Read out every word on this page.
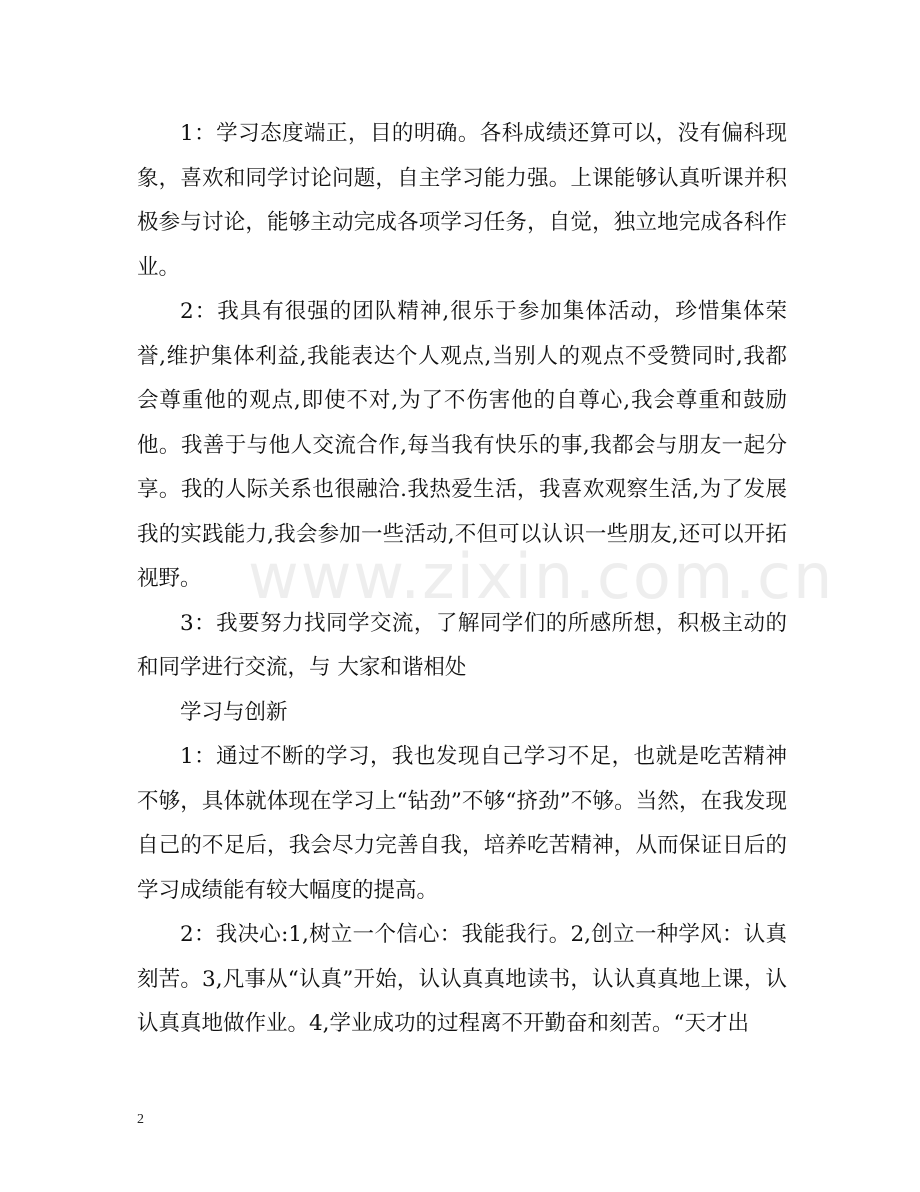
www.zixin.com.cn

1：学习态度端正，目的明确。各科成绩还算可以，没有偏科现象，喜欢和同学讨论问题，自主学习能力强。上课能够认真听课并积极参与讨论，能够主动完成各项学习任务，自觉，独立地完成各科作业。

2：我具有很强的团队精神,很乐于参加集体活动，珍惜集体荣誉,维护集体利益,我能表达个人观点,当别人的观点不受赞同时,我都会尊重他的观点,即使不对,为了不伤害他的自尊心,我会尊重和鼓励他。我善于与他人交流合作,每当我有快乐的事,我都会与朋友一起分享。我的人际关系也很融洽.我热爱生活，我喜欢观察生活,为了发展我的实践能力,我会参加一些活动,不但可以认识一些朋友,还可以开拓视野。

3：我要努力找同学交流，了解同学们的所感所想，积极主动的和同学进行交流，与 大家和谐相处

学习与创新

1：通过不断的学习，我也发现自己学习不足，也就是吃苦精神不够，具体就体现在学习上“钻劲”不够“挤劲”不够。当然，在我发现自己的不足后，我会尽力完善自我，培养吃苦精神，从而保证日后的学习成绩能有较大幅度的提高。

2：我决心:1,树立一个信心：我能我行。2,创立一种学风：认真刻苦。3,凡事从“认真”开始，认认真真地读书，认认真真地上课，认认真真地做作业。4,学业成功的过程离不开勤奋和刻苦。“天才出

2
